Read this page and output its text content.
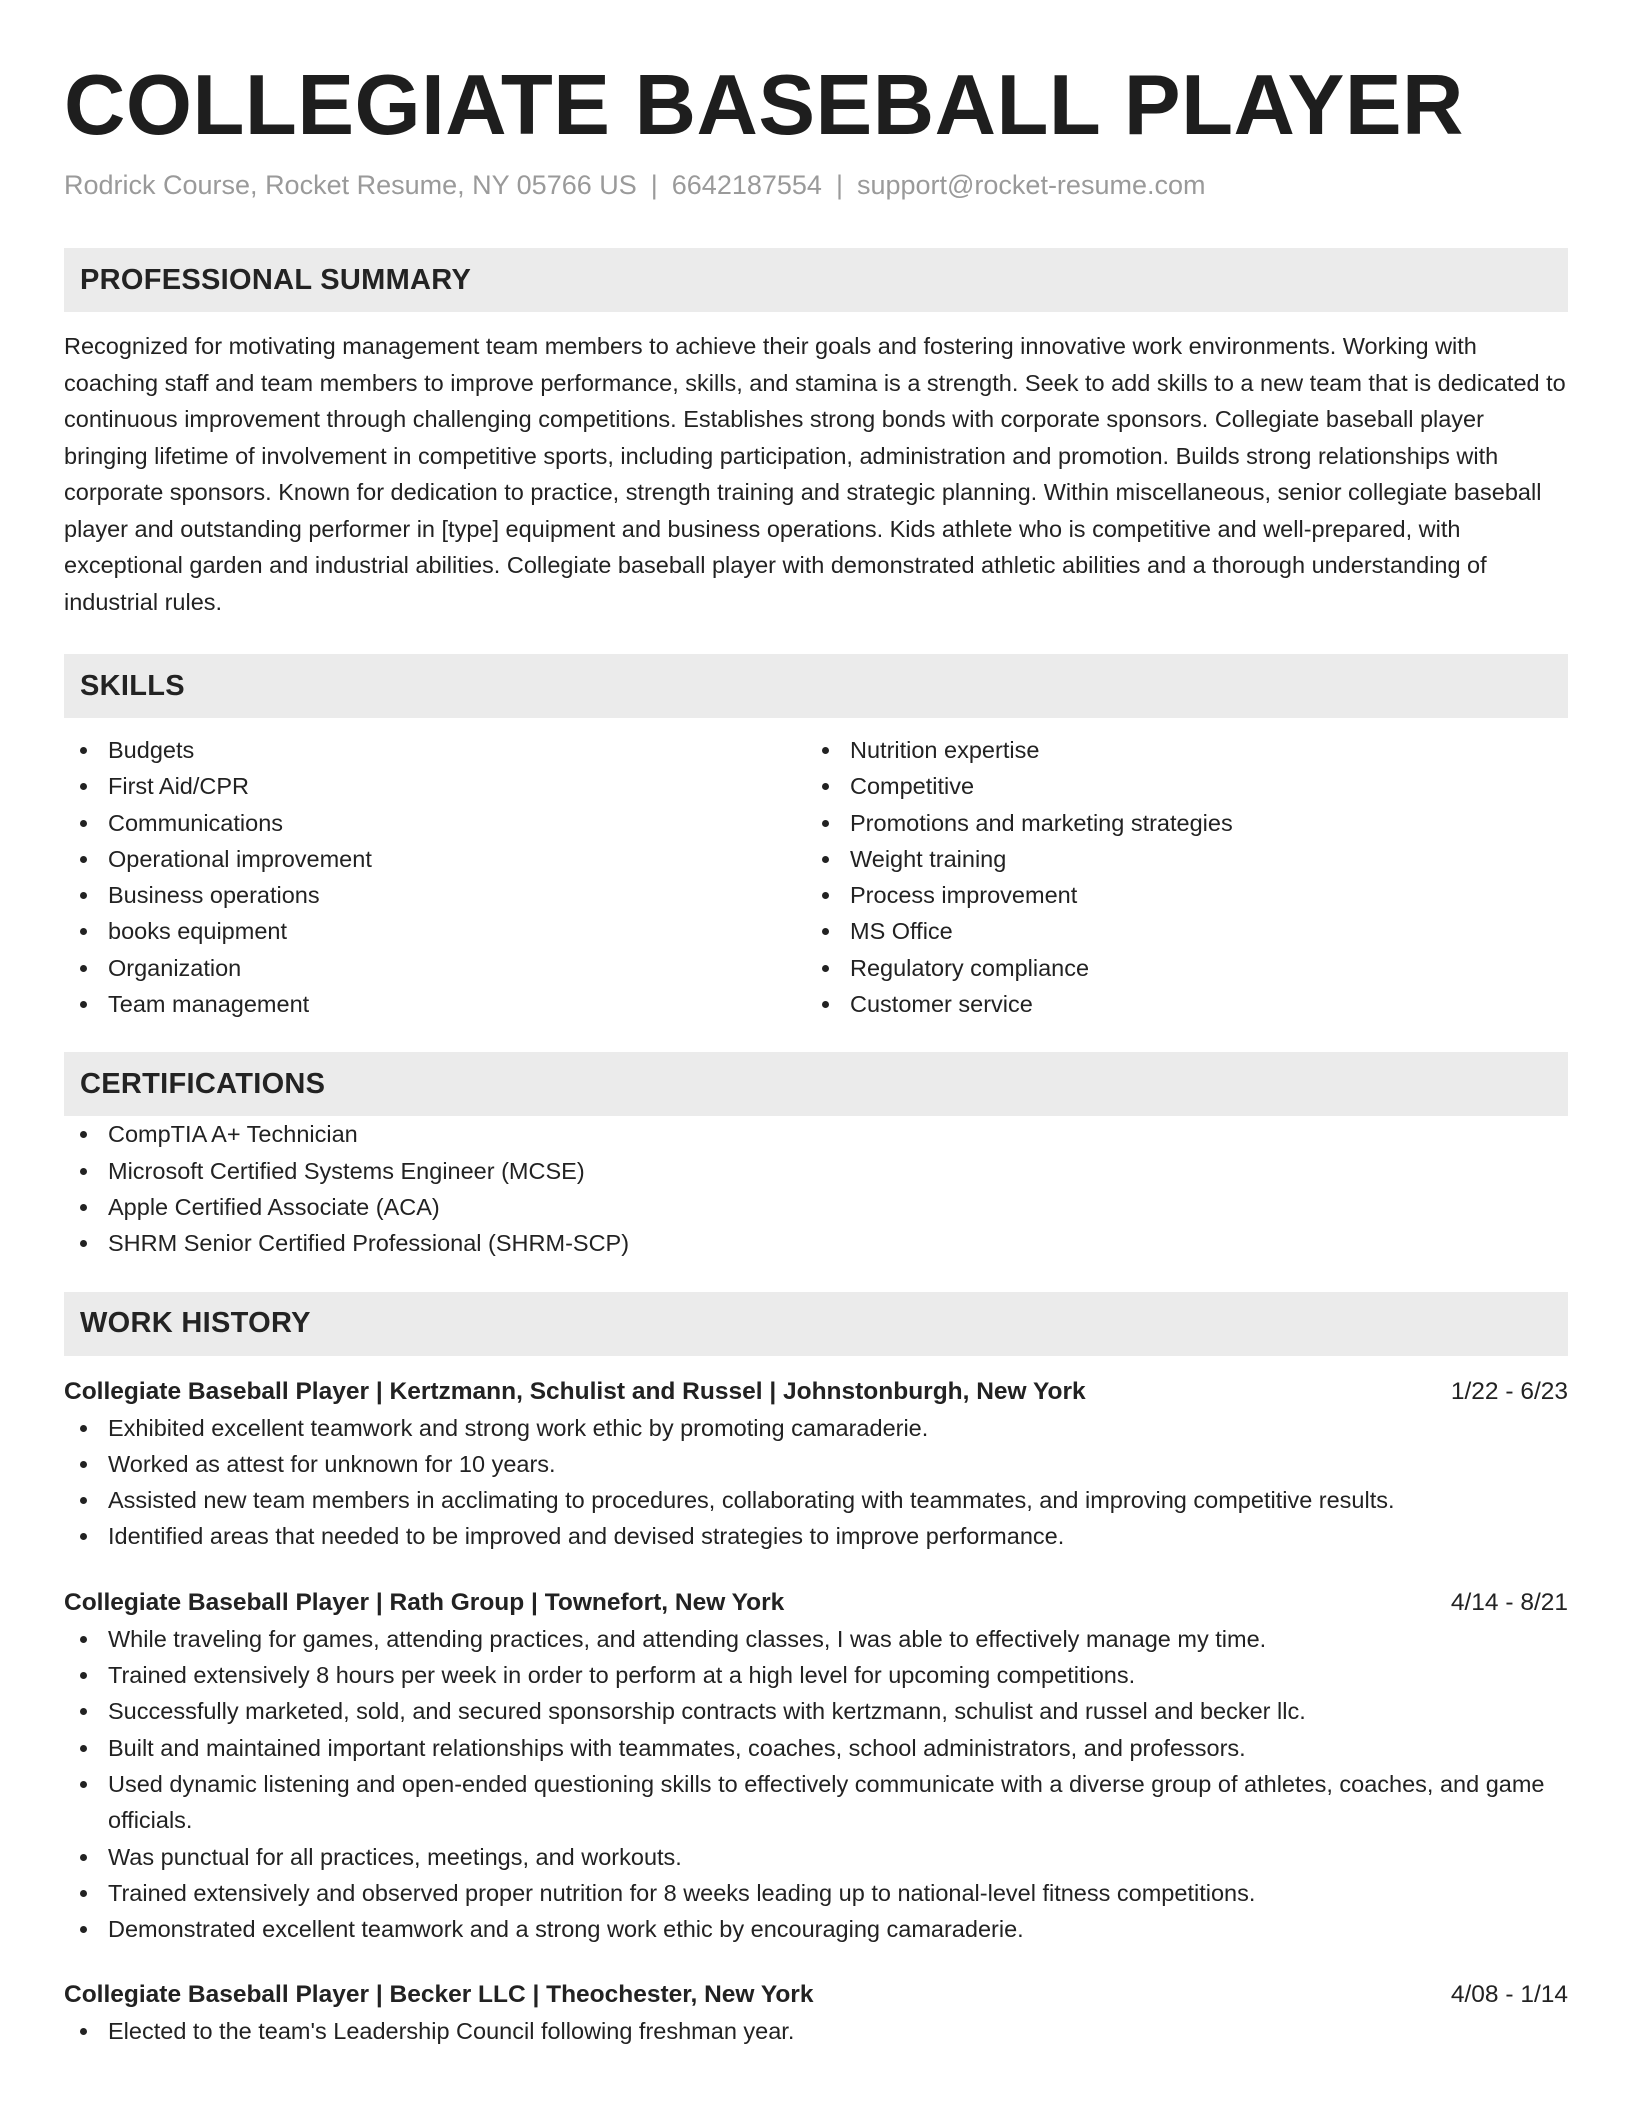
COLLEGIATE BASEBALL PLAYER
Rodrick Course, Rocket Resume, NY 05766 US | 6642187554 | support@rocket-resume.com
PROFESSIONAL SUMMARY
Recognized for motivating management team members to achieve their goals and fostering innovative work environments. Working with coaching staff and team members to improve performance, skills, and stamina is a strength. Seek to add skills to a new team that is dedicated to continuous improvement through challenging competitions. Establishes strong bonds with corporate sponsors. Collegiate baseball player bringing lifetime of involvement in competitive sports, including participation, administration and promotion. Builds strong relationships with corporate sponsors. Known for dedication to practice, strength training and strategic planning. Within miscellaneous, senior collegiate baseball player and outstanding performer in [type] equipment and business operations. Kids athlete who is competitive and well-prepared, with exceptional garden and industrial abilities. Collegiate baseball player with demonstrated athletic abilities and a thorough understanding of industrial rules.
SKILLS
Budgets
First Aid/CPR
Communications
Operational improvement
Business operations
books equipment
Organization
Team management
Nutrition expertise
Competitive
Promotions and marketing strategies
Weight training
Process improvement
MS Office
Regulatory compliance
Customer service
CERTIFICATIONS
CompTIA A+ Technician
Microsoft Certified Systems Engineer (MCSE)
Apple Certified Associate (ACA)
SHRM Senior Certified Professional (SHRM-SCP)
WORK HISTORY
Collegiate Baseball Player | Kertzmann, Schulist and Russel | Johnstonburgh, New York	1/22 - 6/23
Exhibited excellent teamwork and strong work ethic by promoting camaraderie.
Worked as attest for unknown for 10 years.
Assisted new team members in acclimating to procedures, collaborating with teammates, and improving competitive results.
Identified areas that needed to be improved and devised strategies to improve performance.
Collegiate Baseball Player | Rath Group | Townefort, New York	4/14 - 8/21
While traveling for games, attending practices, and attending classes, I was able to effectively manage my time.
Trained extensively 8 hours per week in order to perform at a high level for upcoming competitions.
Successfully marketed, sold, and secured sponsorship contracts with kertzmann, schulist and russel and becker llc.
Built and maintained important relationships with teammates, coaches, school administrators, and professors.
Used dynamic listening and open-ended questioning skills to effectively communicate with a diverse group of athletes, coaches, and game officials.
Was punctual for all practices, meetings, and workouts.
Trained extensively and observed proper nutrition for 8 weeks leading up to national-level fitness competitions.
Demonstrated excellent teamwork and a strong work ethic by encouraging camaraderie.
Collegiate Baseball Player | Becker LLC | Theochester, New York	4/08 - 1/14
Elected to the team's Leadership Council following freshman year.
